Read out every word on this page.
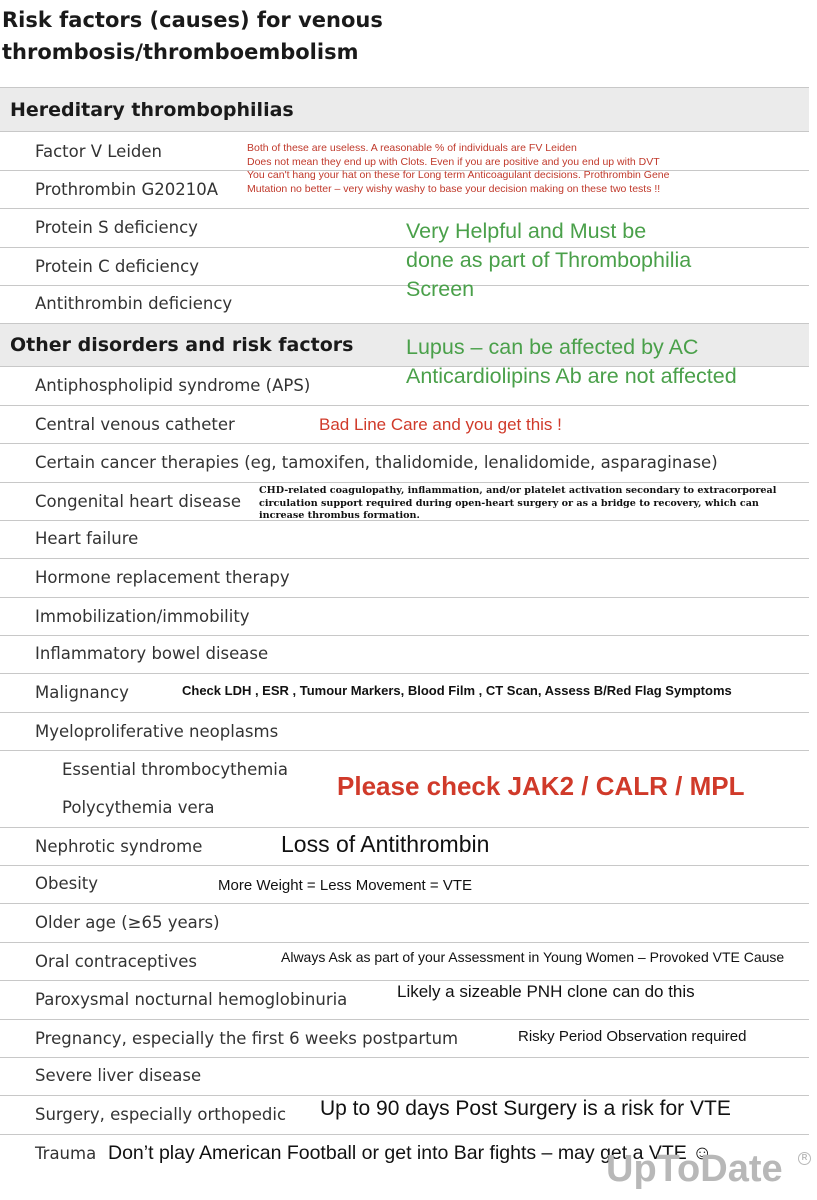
Risk factors (causes) for venous
thrombosis/thromboembolism
Hereditary thrombophilias
Factor V Leiden
Prothrombin G20210A
Protein S deficiency
Protein C deficiency
Antithrombin deficiency
Other disorders and risk factors
Antiphospholipid syndrome (APS)
Central venous catheter
Certain cancer therapies (eg, tamoxifen, thalidomide, lenalidomide, asparaginase)
Congenital heart disease
Heart failure
Hormone replacement therapy
Immobilization/immobility
Inflammatory bowel disease
Malignancy
Myeloproliferative neoplasms
Essential thrombocythemia
Polycythemia vera
Nephrotic syndrome
Obesity
Older age (≥65 years)
Oral contraceptives
Paroxysmal nocturnal hemoglobinuria
Pregnancy, especially the first 6 weeks postpartum
Severe liver disease
Surgery, especially orthopedic
Trauma
Both of these are useless. A reasonable % of individuals are FV Leiden
Does not mean they end up with Clots. Even if you are positive and you end up with DVT
You can't hang your hat on these for Long term Anticoagulant decisions. Prothrombin Gene
Mutation no better – very wishy washy to base your decision making on these two tests !!
Very Helpful and Must be
done as part of Thrombophilia
Screen
Lupus – can be affected by AC
Anticardiolipins Ab are not affected
Bad Line Care and you get this !
CHD-related coagulopathy, inflammation, and/or platelet activation secondary to extracorporeal
circulation support required during open-heart surgery or as a bridge to recovery, which can
increase thrombus formation.
Check LDH , ESR , Tumour Markers, Blood Film , CT Scan, Assess B/Red Flag Symptoms
Please check JAK2 / CALR / MPL
Loss of Antithrombin
More Weight = Less Movement = VTE
Always Ask as part of your Assessment in Young Women – Provoked VTE Cause
Likely a sizeable PNH clone can do this
Risky Period Observation required
Up to 90 days Post Surgery is a risk for VTE
Don’t play American Football or get into Bar fights – may get a VTE ☺
UpToDate	R
